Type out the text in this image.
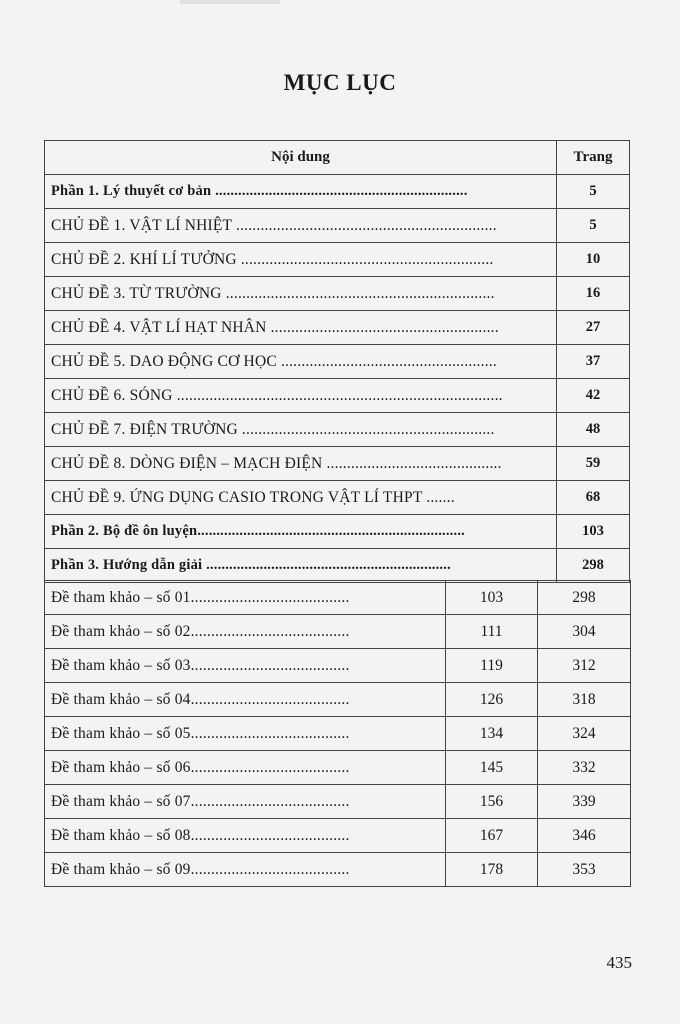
MỤC LỤC
Nội dung	Trang
Phần 1. Lý thuyết cơ bản ..................................................................	5
CHỦ ĐỀ 1. VẬT LÍ NHIỆT ................................................................	5
CHỦ ĐỀ 2. KHÍ LÍ TƯỞNG ..............................................................	10
CHỦ ĐỀ 3. TỪ TRƯỜNG ..................................................................	16
CHỦ ĐỀ 4. VẬT LÍ HẠT NHÂN ........................................................	27
CHỦ ĐỀ 5. DAO ĐỘNG CƠ HỌC .....................................................	37
CHỦ ĐỀ 6. SÓNG ................................................................................	42
CHỦ ĐỀ 7. ĐIỆN TRƯỜNG ..............................................................	48
CHỦ ĐỀ 8. DÒNG ĐIỆN – MẠCH ĐIỆN ...........................................	59
CHỦ ĐỀ 9. ỨNG DỤNG CASIO TRONG VẬT LÍ THPT .......	68
Phần 2. Bộ đề ôn luyện......................................................................	103
Phần 3. Hướng dẫn giải ................................................................	298
Đề tham khảo – số 01.......................................	103	298
Đề tham khảo – số 02.......................................	111	304
Đề tham khảo – số 03.......................................	119	312
Đề tham khảo – số 04.......................................	126	318
Đề tham khảo – số 05.......................................	134	324
Đề tham khảo – số 06.......................................	145	332
Đề tham khảo – số 07.......................................	156	339
Đề tham khảo – số 08.......................................	167	346
Đề tham khảo – số 09.......................................	178	353
435
